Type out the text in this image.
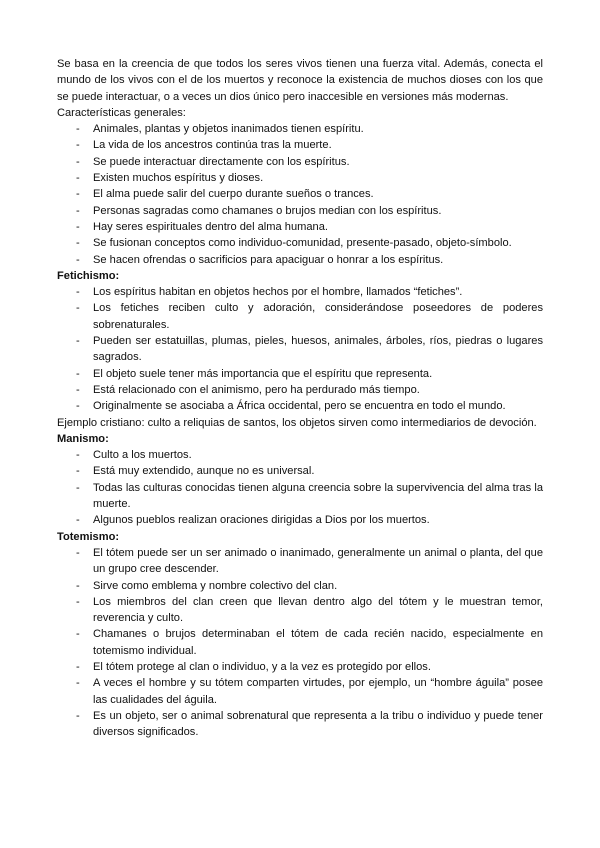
Se basa en la creencia de que todos los seres vivos tienen una fuerza vital. Además, conecta el mundo de los vivos con el de los muertos y reconoce la existencia de muchos dioses con los que se puede interactuar, o a veces un dios único pero inaccesible en versiones más modernas.

Características generales:

- Animales, plantas y objetos inanimados tienen espíritu.
- La vida de los ancestros continúa tras la muerte.
- Se puede interactuar directamente con los espíritus.
- Existen muchos espíritus y dioses.
- El alma puede salir del cuerpo durante sueños o trances.
- Personas sagradas como chamanes o brujos median con los espíritus.
- Hay seres espirituales dentro del alma humana.
- Se fusionan conceptos como individuo-comunidad, presente-pasado, objeto-símbolo.
- Se hacen ofrendas o sacrificios para apaciguar o honrar a los espíritus.

Fetichismo:

- Los espíritus habitan en objetos hechos por el hombre, llamados “fetiches”.
- Los fetiches reciben culto y adoración, considerándose poseedores de poderes sobrenaturales.
- Pueden ser estatuillas, plumas, pieles, huesos, animales, árboles, ríos, piedras o lugares sagrados.
- El objeto suele tener más importancia que el espíritu que representa.
- Está relacionado con el animismo, pero ha perdurado más tiempo.
- Originalmente se asociaba a África occidental, pero se encuentra en todo el mundo.

Ejemplo cristiano: culto a reliquias de santos, los objetos sirven como intermediarios de devoción.

Manismo:

- Culto a los muertos.
- Está muy extendido, aunque no es universal.
- Todas las culturas conocidas tienen alguna creencia sobre la supervivencia del alma tras la muerte.
- Algunos pueblos realizan oraciones dirigidas a Dios por los muertos.

Totemismo:

- El tótem puede ser un ser animado o inanimado, generalmente un animal o planta, del que un grupo cree descender.
- Sirve como emblema y nombre colectivo del clan.
- Los miembros del clan creen que llevan dentro algo del tótem y le muestran temor, reverencia y culto.
- Chamanes o brujos determinaban el tótem de cada recién nacido, especialmente en totemismo individual.
- El tótem protege al clan o individuo, y a la vez es protegido por ellos.
- A veces el hombre y su tótem comparten virtudes, por ejemplo, un “hombre águila” posee las cualidades del águila.
- Es un objeto, ser o animal sobrenatural que representa a la tribu o individuo y puede tener diversos significados.
